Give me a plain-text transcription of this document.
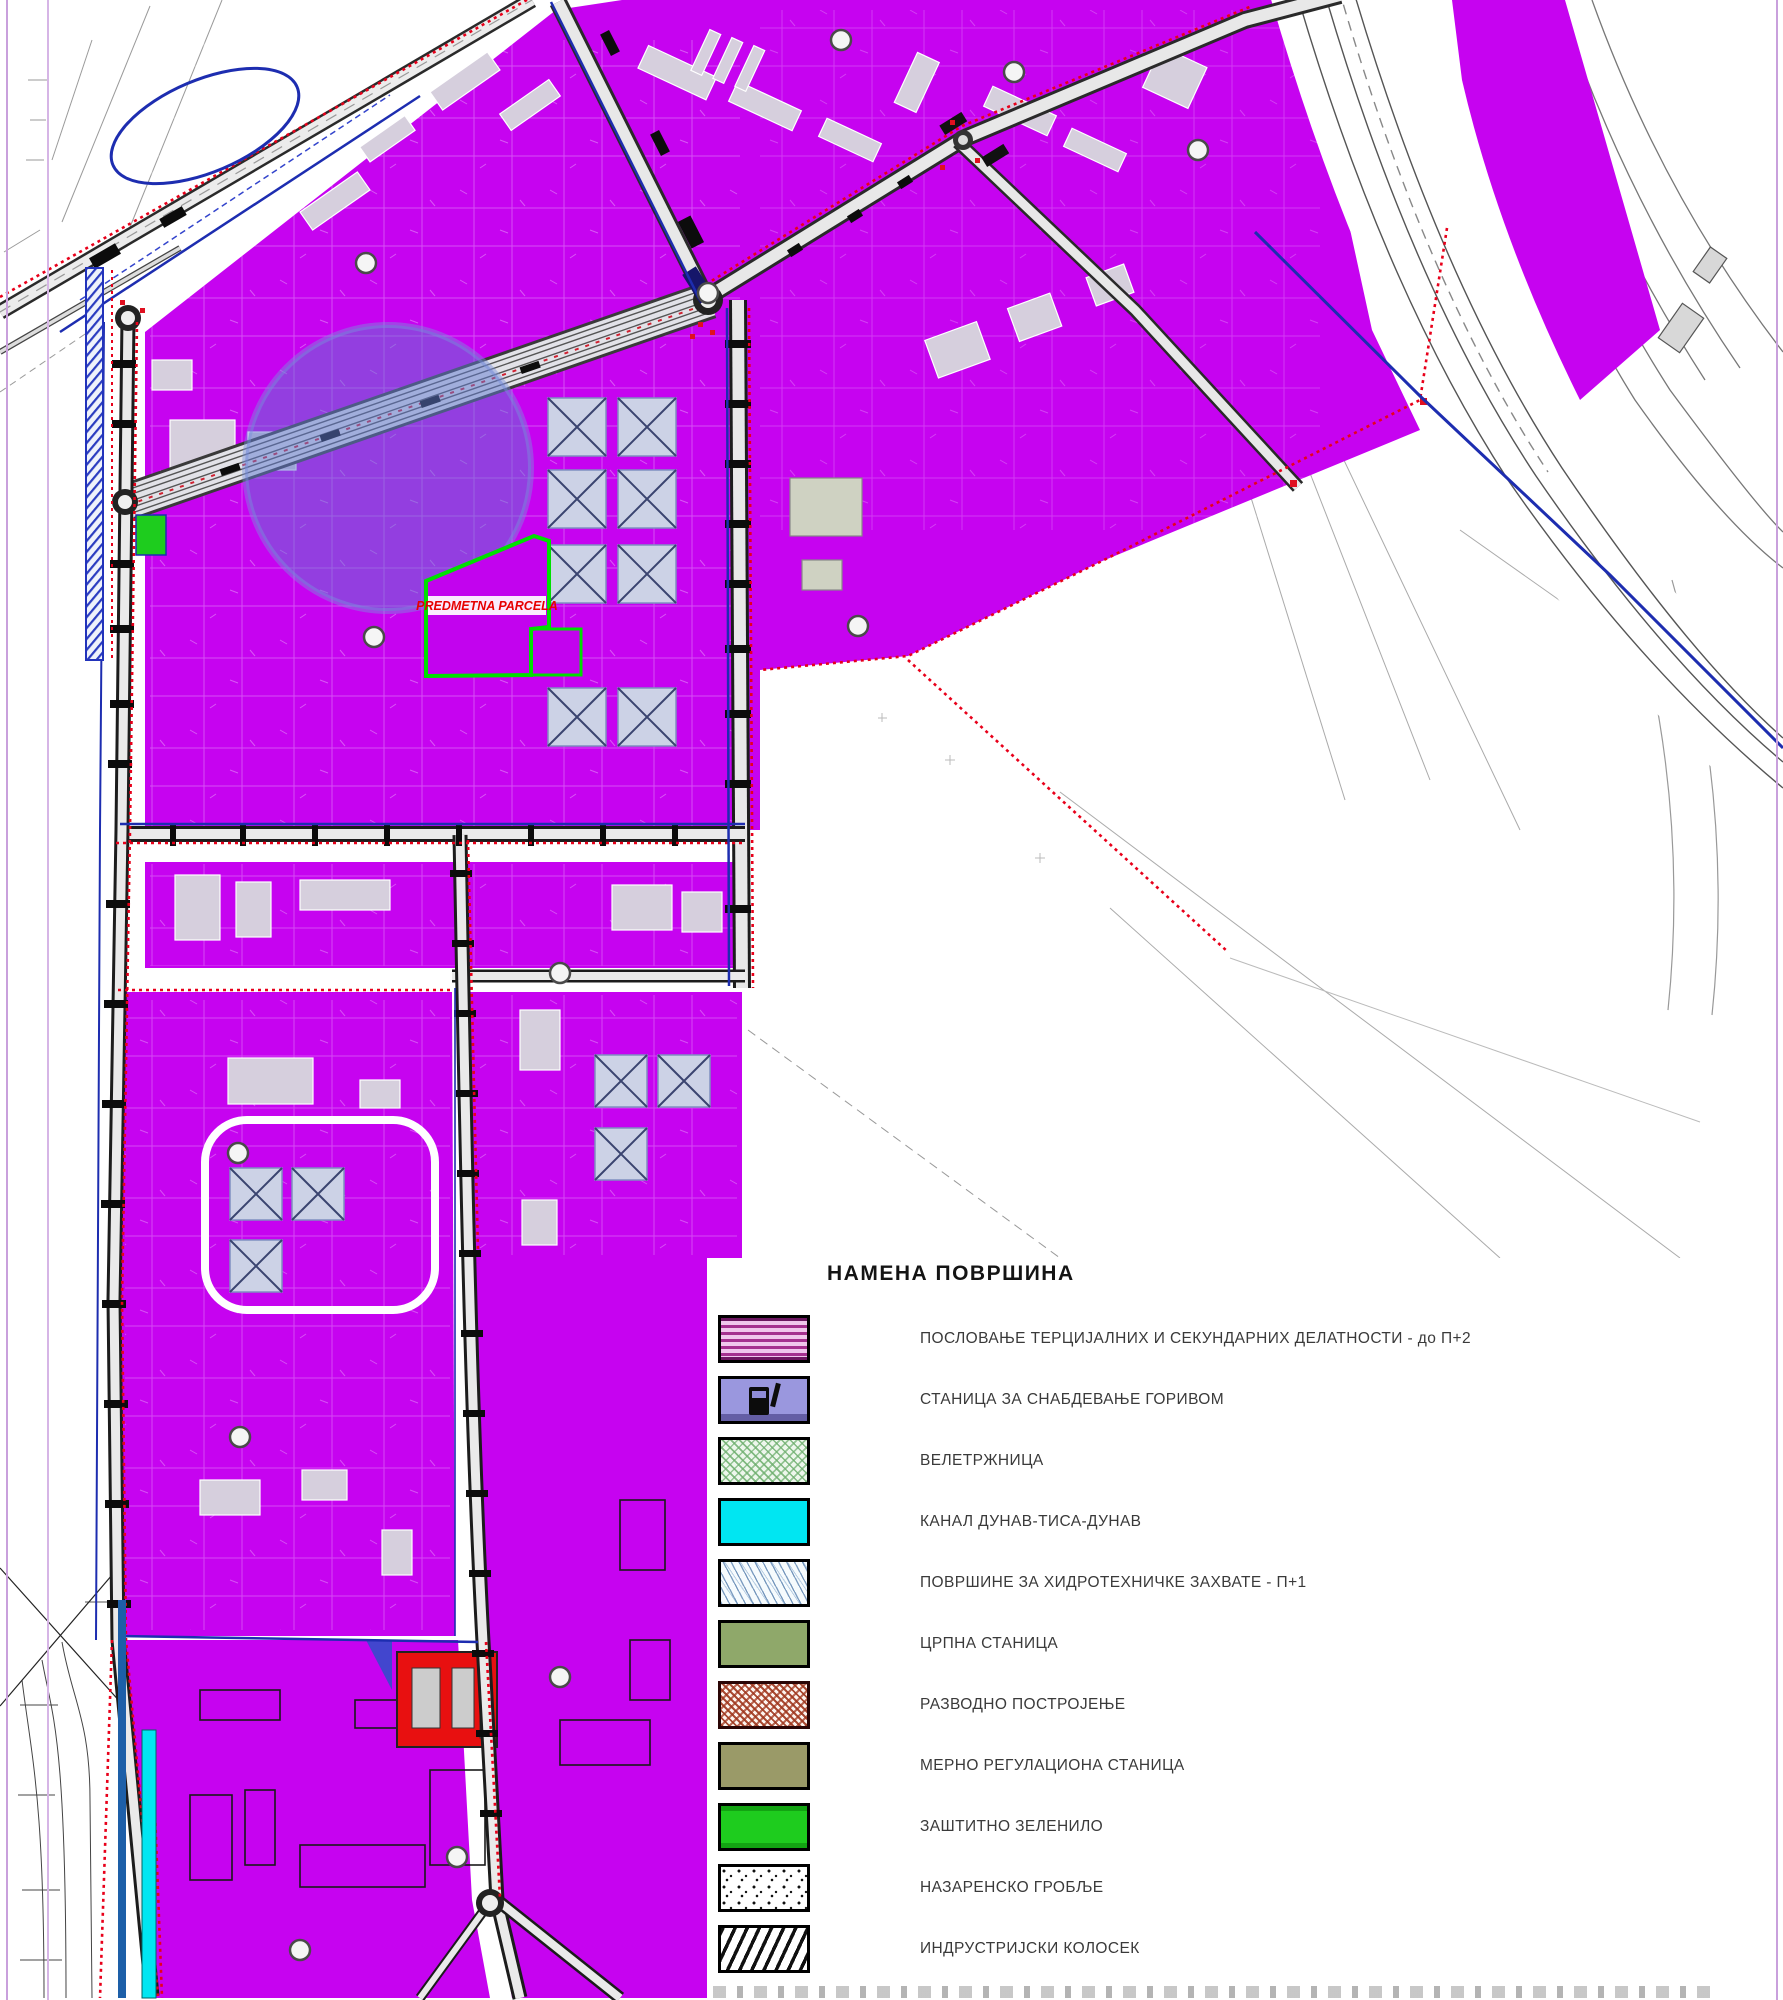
PREDMETNA PARCELA
НАМЕНА ПОВРШИНА
ПОСЛОВАЊЕ ТЕРЦИЈАЛНИХ И СЕКУНДАРНИХ ДЕЛАТНОСТИ - до П+2
СТАНИЦА ЗА СНАБДЕВАЊЕ ГОРИВОМ
ВЕЛЕТРЖНИЦА
КАНАЛ ДУНАВ-ТИСА-ДУНАВ
ПОВРШИНЕ ЗА ХИДРОТЕХНИЧКЕ ЗАХВАТЕ - П+1
ЦРПНА СТАНИЦА
РАЗВОДНО ПОСТРОЈЕЊЕ
МЕРНО РЕГУЛАЦИОНА СТАНИЦА
ЗАШТИТНО ЗЕЛЕНИЛО
НАЗАРЕНСКО ГРОБЉЕ
ИНДРУСТРИЈСКИ КОЛОСЕК
